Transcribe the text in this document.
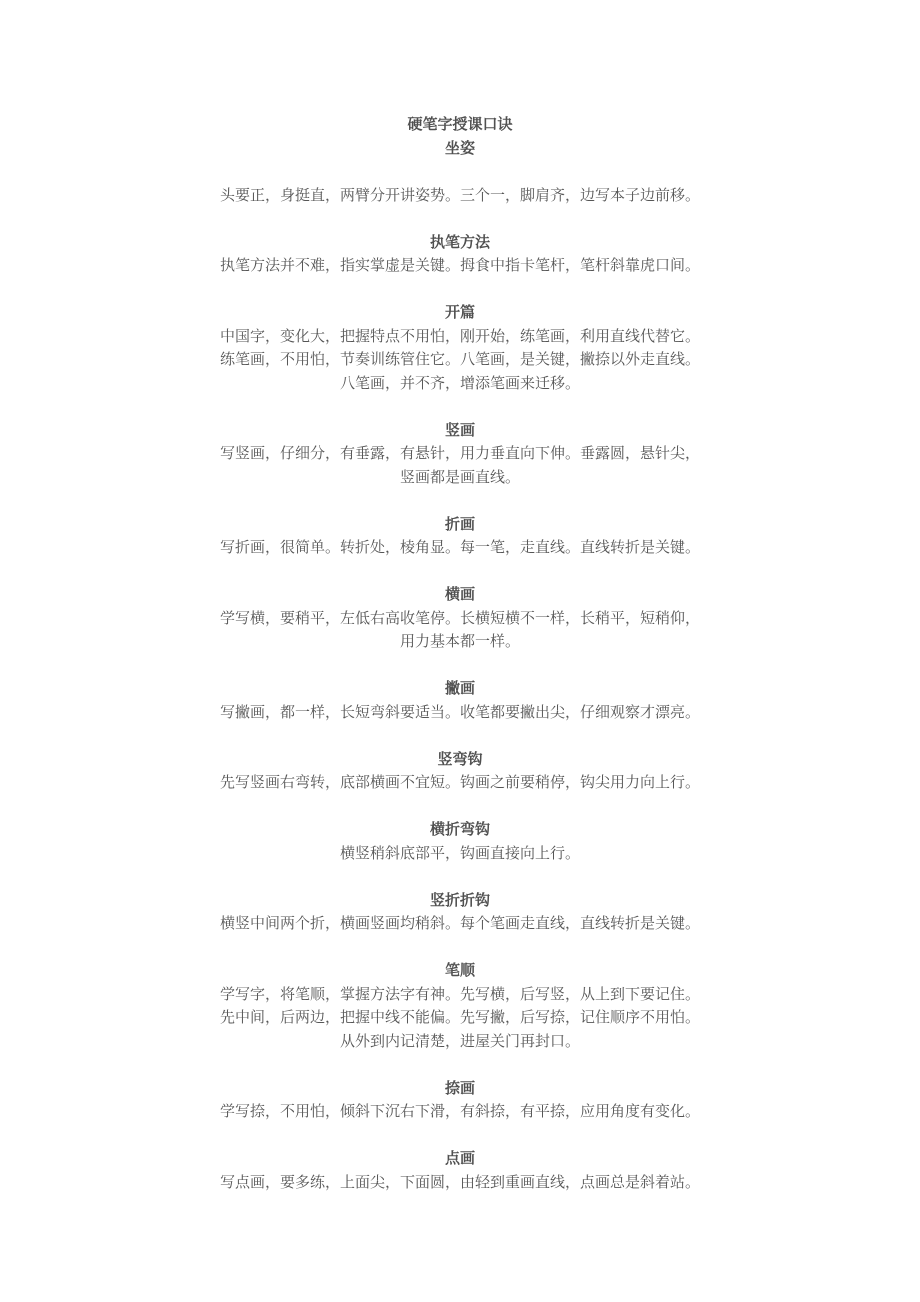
硬笔字授课口诀

坐姿

头要正，身挺直，两臂分开讲姿势。三个一，脚肩齐，边写本子边前移。

执笔方法

执笔方法并不难，指实掌虚是关键。拇食中指卡笔杆，笔杆斜靠虎口间。

开篇

中国字，变化大，把握特点不用怕，刚开始，练笔画，利用直线代替它。

练笔画，不用怕，节奏训练管住它。八笔画，是关键，撇捺以外走直线。

八笔画，并不齐，增添笔画来迁移。

竖画

写竖画，仔细分，有垂露，有悬针，用力垂直向下伸。垂露圆，悬针尖，

竖画都是画直线。

折画

写折画，很简单。转折处，棱角显。每一笔，走直线。直线转折是关键。

横画

学写横，要稍平，左低右高收笔停。长横短横不一样，长稍平，短稍仰，

用力基本都一样。

撇画

写撇画，都一样，长短弯斜要适当。收笔都要撇出尖，仔细观察才漂亮。

竖弯钩

先写竖画右弯转，底部横画不宜短。钩画之前要稍停，钩尖用力向上行。

横折弯钩

横竖稍斜底部平，钩画直接向上行。

竖折折钩

横竖中间两个折，横画竖画均稍斜。每个笔画走直线，直线转折是关键。

笔顺

学写字，将笔顺，掌握方法字有神。先写横，后写竖，从上到下要记住。

先中间，后两边，把握中线不能偏。先写撇，后写捺，记住顺序不用怕。

从外到内记清楚，进屋关门再封口。

捺画

学写捺，不用怕，倾斜下沉右下滑，有斜捺，有平捺，应用角度有变化。

点画

写点画，要多练，上面尖，下面圆，由轻到重画直线，点画总是斜着站。
